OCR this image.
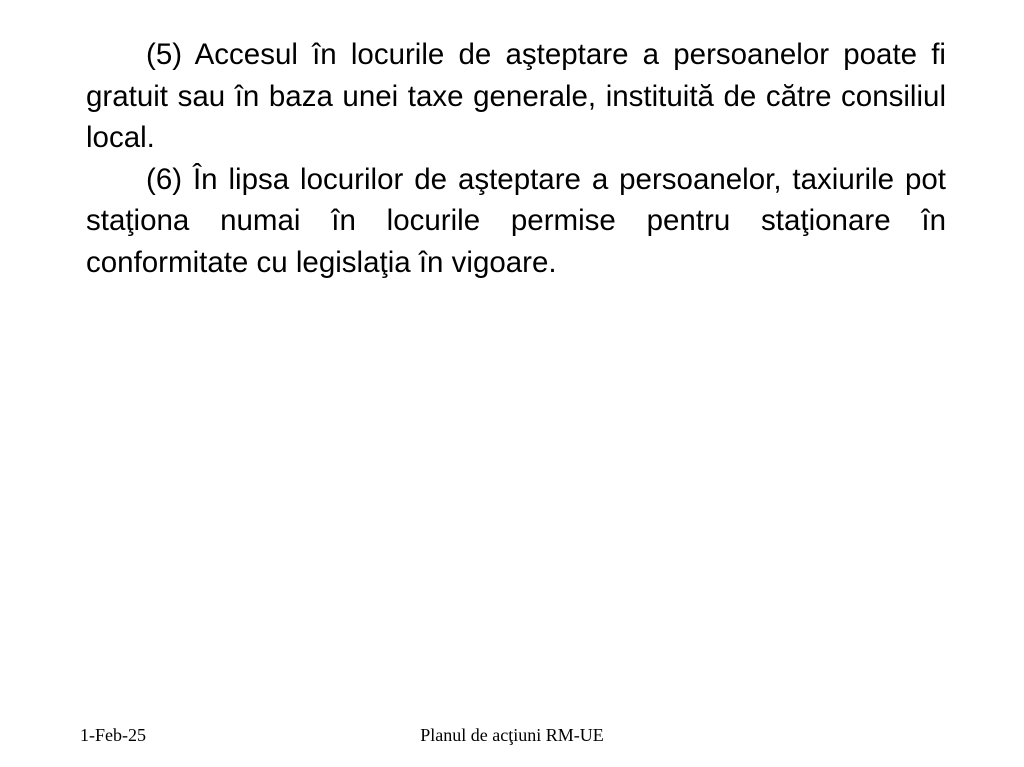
(5) Accesul în locurile de aşteptare a persoanelor poate fi gratuit sau în baza unei taxe generale, instituită de către consiliul local.

(6) În lipsa locurilor de aşteptare a persoanelor, taxiurile pot staţiona numai în locurile permise pentru staţionare în conformitate cu legislaţia în vigoare.

1-Feb-25	Planul de acţiuni RM-UE
